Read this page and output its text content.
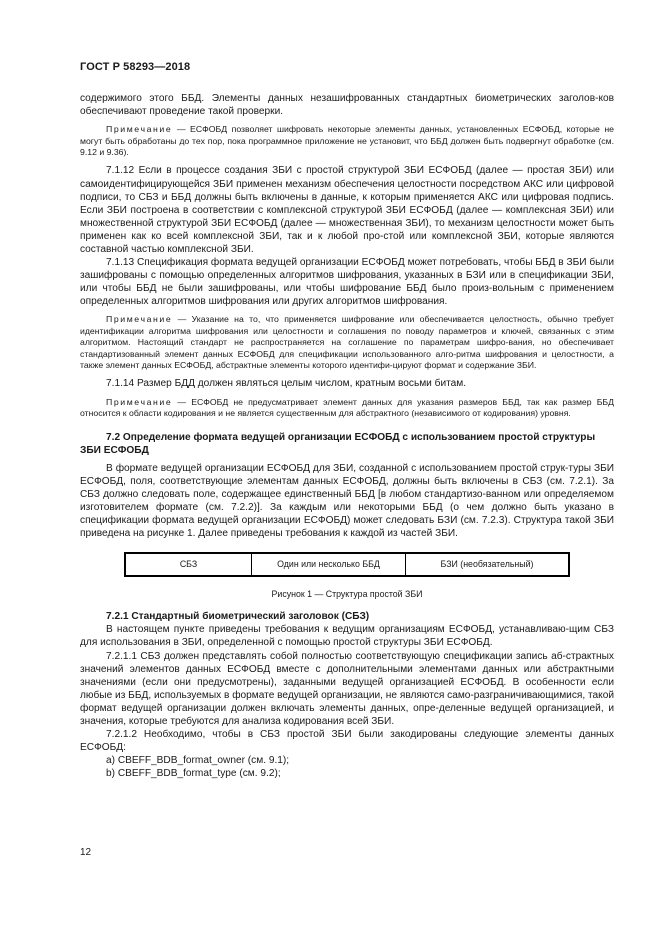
ГОСТ Р 58293—2018

содержимого этого ББД. Элементы данных незашифрованных стандартных биометрических заголов-ков обеспечивают проведение такой проверки.

Примечание — ЕСФОБД позволяет шифровать некоторые элементы данных, установленных ЕСФОБД, которые не могут быть обработаны до тех пор, пока программное приложение не установит, что ББД должен быть подвергнут обработке (см. 9.12 и 9.36).

7.1.12 Если в процессе создания ЗБИ с простой структурой ЗБИ ЕСФОБД (далее — простая ЗБИ) или самоидентифицирующейся ЗБИ применен механизм обеспечения целостности посредством АКС или цифровой подписи, то СБЗ и ББД должны быть включены в данные, к которым применяется АКС или цифровая подпись. Если ЗБИ построена в соответствии с комплексной структурой ЗБИ ЕСФОБД (далее — комплексная ЗБИ) или множественной структурой ЗБИ ЕСФОБД (далее — множественная ЗБИ), то механизм целостности может быть применен как ко всей комплексной ЗБИ, так и к любой про-стой или комплексной ЗБИ, которые являются составной частью комплексной ЗБИ.

7.1.13 Спецификация формата ведущей организации ЕСФОБД может потребовать, чтобы ББД в ЗБИ были зашифрованы с помощью определенных алгоритмов шифрования, указанных в БЗИ или в спецификации ЗБИ, или чтобы ББД не были зашифрованы, или чтобы шифрование ББД было произ-вольным с применением определенных алгоритмов шифрования или других алгоритмов шифрования.

Примечание — Указание на то, что применяется шифрование или обеспечивается целостность, обычно требует идентификации алгоритма шифрования или целостности и соглашения по поводу параметров и ключей, связанных с этим алгоритмом. Настоящий стандарт не распространяется на соглашение по параметрам шифро-вания, но обеспечивает стандартизованный элемент данных ЕСФОБД для спецификации использованного алго-ритма шифрования и целостности, а также элемент данных ЕСФОБД, абстрактные элементы которого идентифи-цируют формат и содержание ЗБИ.

7.1.14 Размер БДД должен являться целым числом, кратным восьми битам.

Примечание — ЕСФОБД не предусматривает элемент данных для указания размеров ББД, так как размер ББД относится к области кодирования и не является существенным для абстрактного (независимого от кодирования) уровня.

7.2 Определение формата ведущей организации ЕСФОБД с использованием простой структуры ЗБИ ЕСФОБД

В формате ведущей организации ЕСФОБД для ЗБИ, созданной с использованием простой струк-туры ЗБИ ЕСФОБД, поля, соответствующие элементам данных ЕСФОБД, должны быть включены в СБЗ (см. 7.2.1). За СБЗ должно следовать поле, содержащее единственный ББД [в любом стандартизо-ванном или определяемом изготовителем формате (см. 7.2.2)]. За каждым или некоторыми ББД (о чем должно быть указано в спецификации формата ведущей организации ЕСФОБД) может следовать БЗИ (см. 7.2.3). Структура такой ЗБИ приведена на рисунке 1. Далее приведены требования к каждой из частей ЗБИ.

СБЗ	Один или несколько ББД	БЗИ (необязательный)

Рисунок 1 — Структура простой ЗБИ

7.2.1 Стандартный биометрический заголовок (СБЗ)

В настоящем пункте приведены требования к ведущим организациям ЕСФОБД, устанавливаю-щим СБЗ для использования в ЗБИ, определенной с помощью простой структуры ЗБИ ЕСФОБД.

7.2.1.1 СБЗ должен представлять собой полностью соответствующую спецификации запись аб-страктных значений элементов данных ЕСФОБД вместе с дополнительными элементами данных или абстрактными значениями (если они предусмотрены), заданными ведущей организацией ЕСФОБД. В особенности если любые из ББД, используемых в формате ведущей организации, не являются само-разграничивающимися, такой формат ведущей организации должен включать элементы данных, опре-деленные ведущей организацией, и значения, которые требуются для анализа кодирования всей ЗБИ.

7.2.1.2 Необходимо, чтобы в СБЗ простой ЗБИ были закодированы следующие элементы данных ЕСФОБД:

a) CBEFF_BDB_format_owner (см. 9.1);

b) CBEFF_BDB_format_type (см. 9.2);

12
